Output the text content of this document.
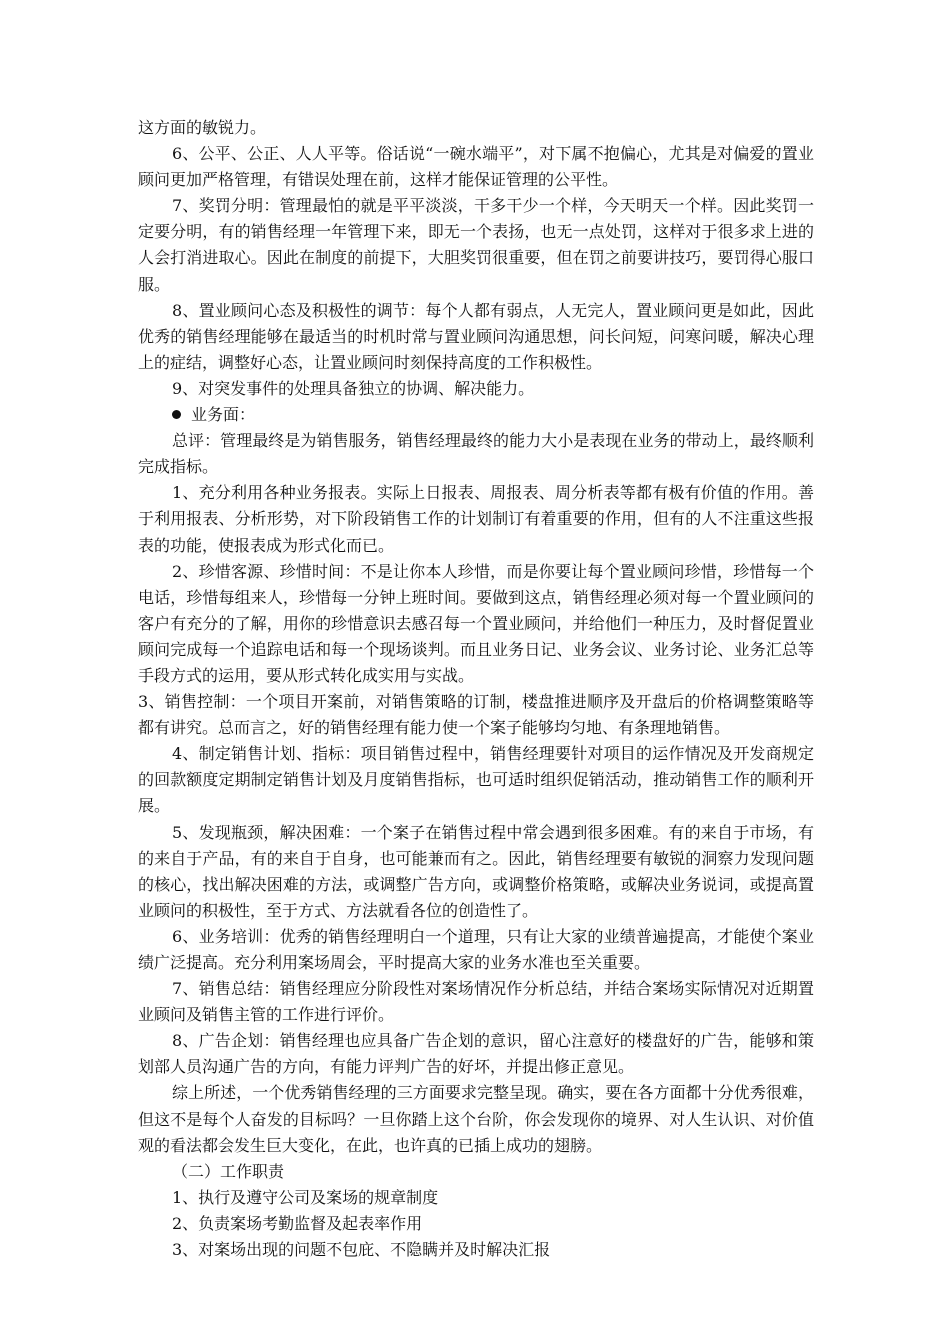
这方面的敏锐力。

6、公平、公正、人人平等。俗话说“一碗水端平”，对下属不抱偏心，尤其是对偏爱的置业顾问更加严格管理，有错误处理在前，这样才能保证管理的公平性。

7、奖罚分明：管理最怕的就是平平淡淡，干多干少一个样，今天明天一个样。因此奖罚一定要分明，有的销售经理一年管理下来，即无一个表扬，也无一点处罚，这样对于很多求上进的人会打消进取心。因此在制度的前提下，大胆奖罚很重要，但在罚之前要讲技巧，要罚得心服口服。

8、置业顾问心态及积极性的调节：每个人都有弱点，人无完人，置业顾问更是如此，因此优秀的销售经理能够在最适当的时机时常与置业顾问沟通思想，问长问短，问寒问暖，解决心理上的症结，调整好心态，让置业顾问时刻保持高度的工作积极性。

9、对突发事件的处理具备独立的协调、解决能力。

业务面：

总评：管理最终是为销售服务，销售经理最终的能力大小是表现在业务的带动上，最终顺利完成指标。

1、充分利用各种业务报表。实际上日报表、周报表、周分析表等都有极有价值的作用。善于利用报表、分析形势，对下阶段销售工作的计划制订有着重要的作用，但有的人不注重这些报表的功能，使报表成为形式化而已。

2、珍惜客源、珍惜时间：不是让你本人珍惜，而是你要让每个置业顾问珍惜，珍惜每一个电话，珍惜每组来人，珍惜每一分钟上班时间。要做到这点，销售经理必须对每一个置业顾问的客户有充分的了解，用你的珍惜意识去感召每一个置业顾问，并给他们一种压力，及时督促置业顾问完成每一个追踪电话和每一个现场谈判。而且业务日记、业务会议、业务讨论、业务汇总等手段方式的运用，要从形式转化成实用与实战。

3、销售控制：一个项目开案前，对销售策略的订制，楼盘推进顺序及开盘后的价格调整策略等都有讲究。总而言之，好的销售经理有能力使一个案子能够均匀地、有条理地销售。

4、制定销售计划、指标：项目销售过程中，销售经理要针对项目的运作情况及开发商规定的回款额度定期制定销售计划及月度销售指标，也可适时组织促销活动，推动销售工作的顺利开展。

5、发现瓶颈，解决困难：一个案子在销售过程中常会遇到很多困难。有的来自于市场，有的来自于产品，有的来自于自身，也可能兼而有之。因此，销售经理要有敏锐的洞察力发现问题的核心，找出解决困难的方法，或调整广告方向，或调整价格策略，或解决业务说词，或提高置业顾问的积极性，至于方式、方法就看各位的创造性了。

6、业务培训：优秀的销售经理明白一个道理，只有让大家的业绩普遍提高，才能使个案业绩广泛提高。充分利用案场周会，平时提高大家的业务水准也至关重要。

7、销售总结：销售经理应分阶段性对案场情况作分析总结，并结合案场实际情况对近期置业顾问及销售主管的工作进行评价。

8、广告企划：销售经理也应具备广告企划的意识，留心注意好的楼盘好的广告，能够和策划部人员沟通广告的方向，有能力评判广告的好坏，并提出修正意见。

综上所述，一个优秀销售经理的三方面要求完整呈现。确实，要在各方面都十分优秀很难，但这不是每个人奋发的目标吗？一旦你踏上这个台阶，你会发现你的境界、对人生认识、对价值观的看法都会发生巨大变化，在此，也许真的已插上成功的翅膀。

（二）工作职责

1、执行及遵守公司及案场的规章制度

2、负责案场考勤监督及起表率作用

3、对案场出现的问题不包庇、不隐瞒并及时解决汇报
